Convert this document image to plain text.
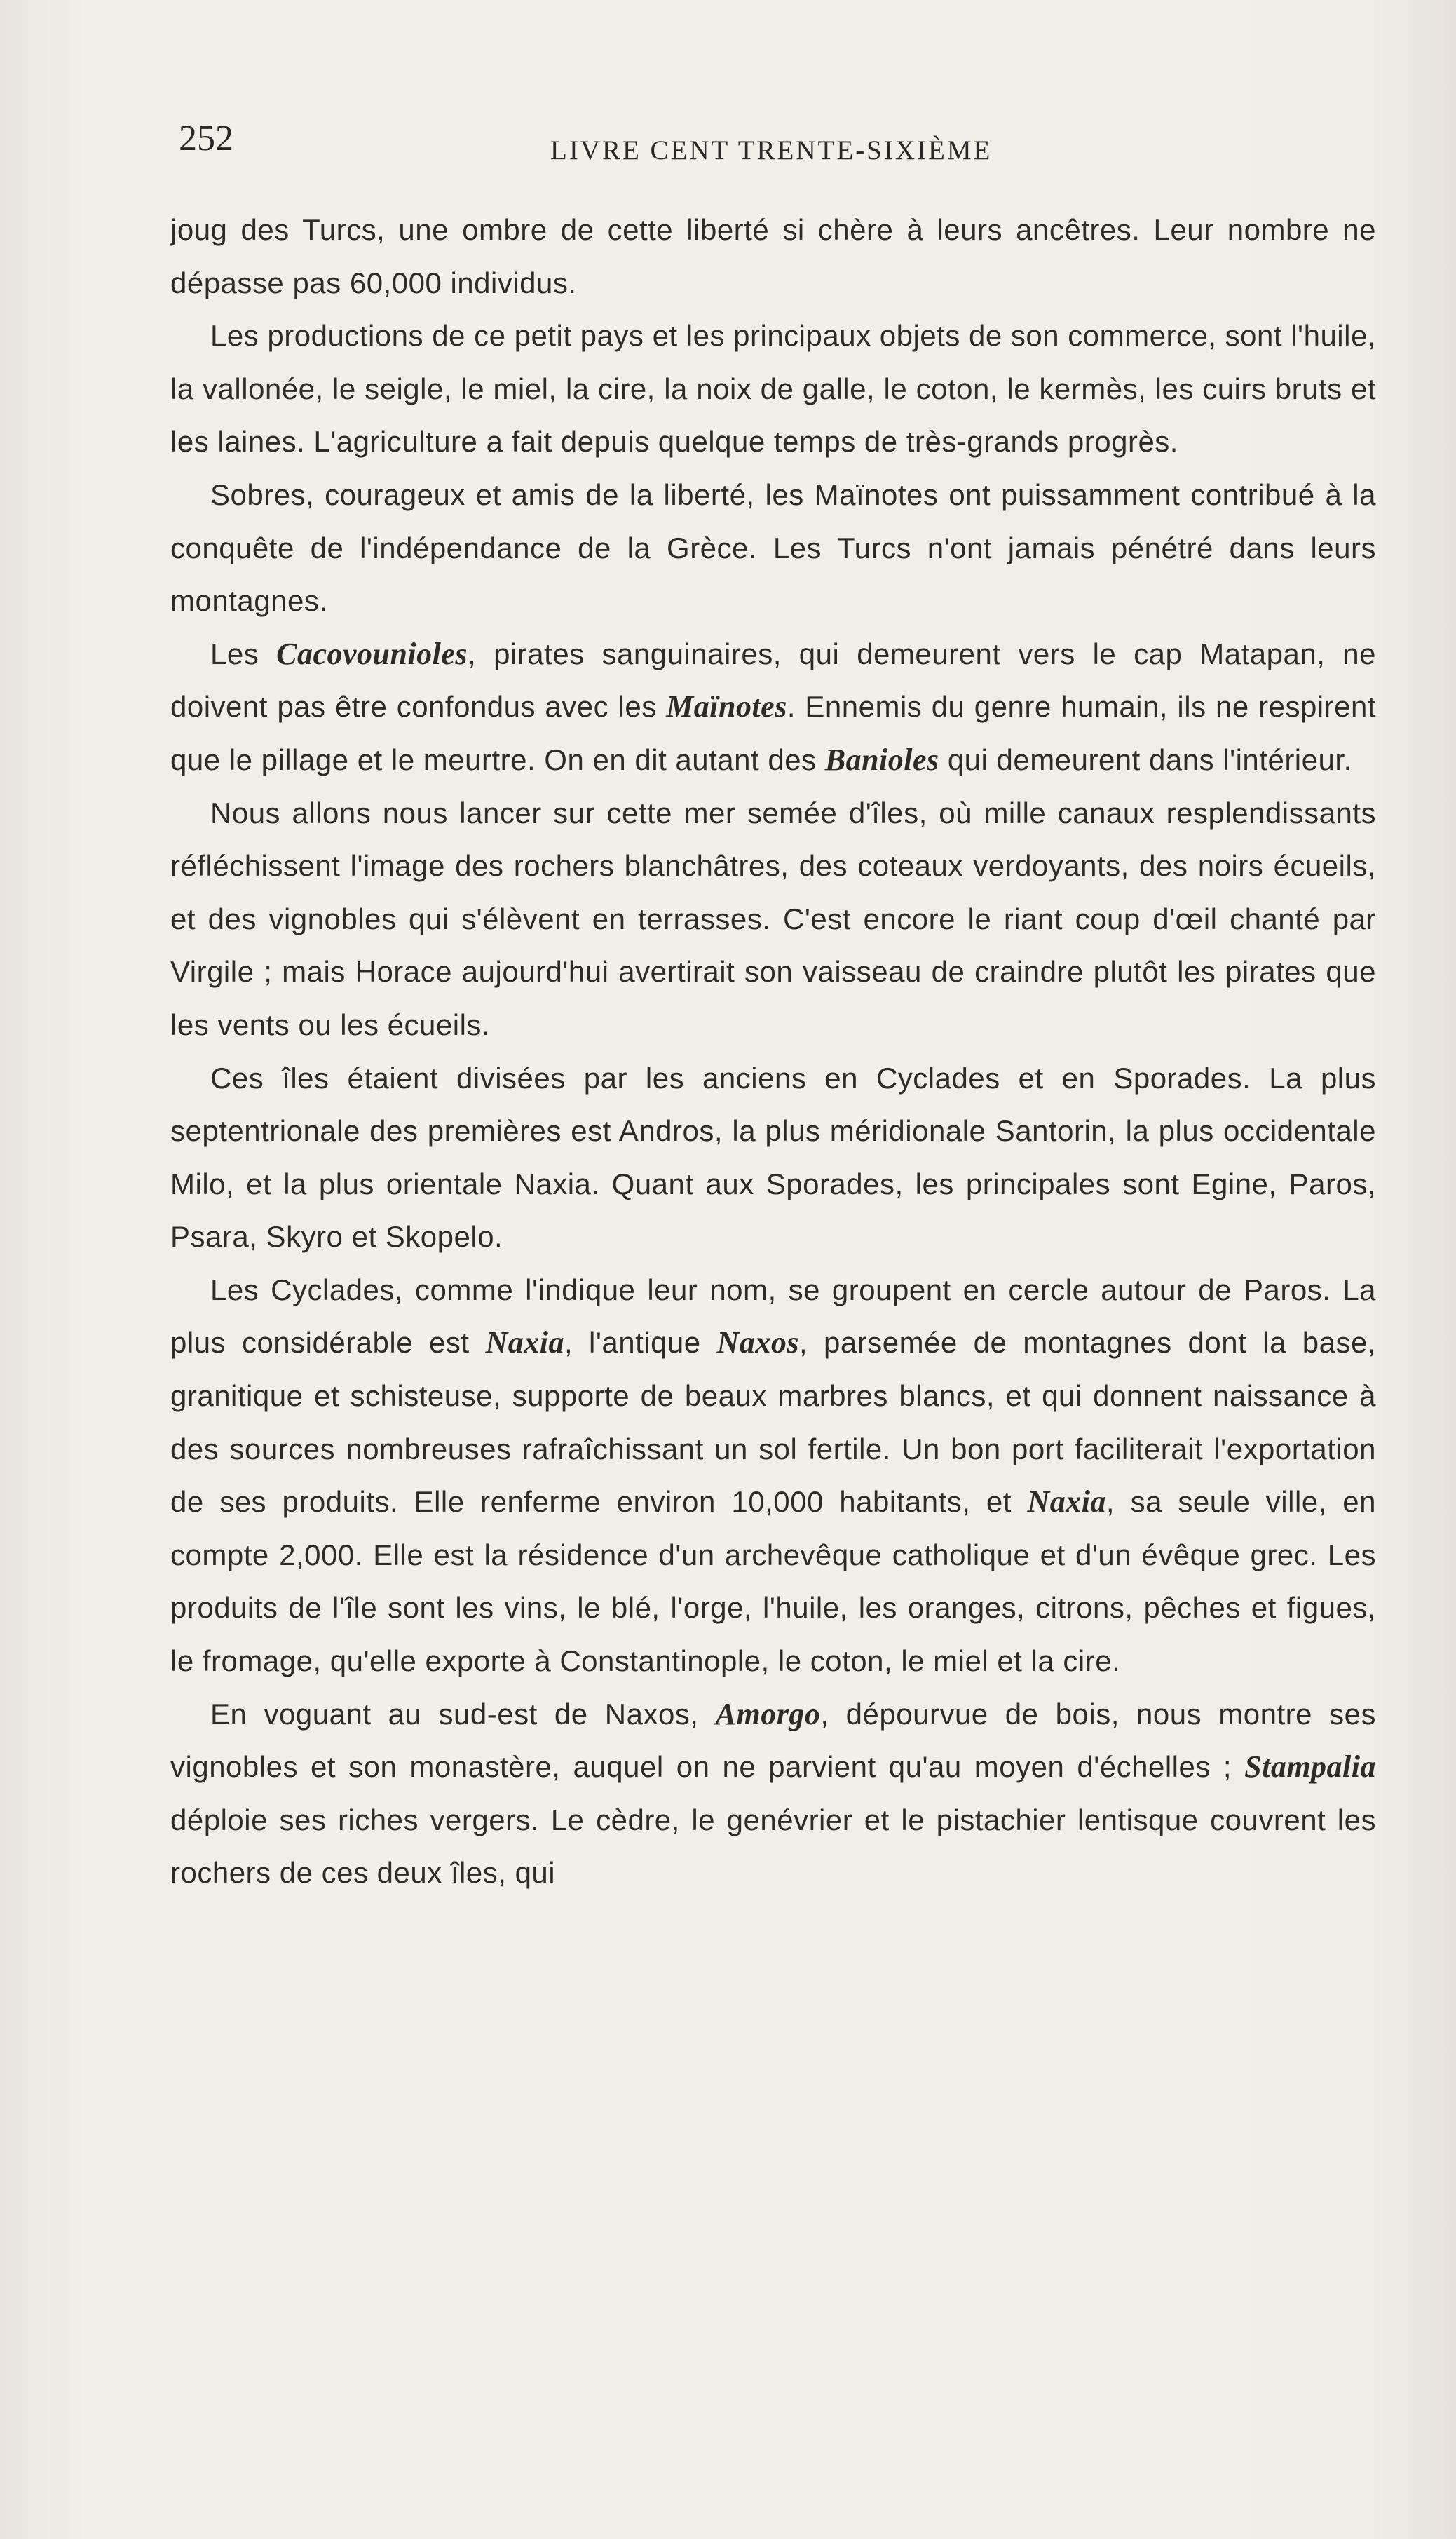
252	LIVRE CENT TRENTE-SIXIÈME

joug des Turcs, une ombre de cette liberté si chère à leurs ancêtres. Leur nombre ne dépasse pas 60,000 individus.

Les productions de ce petit pays et les principaux objets de son commerce, sont l'huile, la vallonée, le seigle, le miel, la cire, la noix de galle, le coton, le kermès, les cuirs bruts et les laines. L'agriculture a fait depuis quelque temps de très-grands progrès.

Sobres, courageux et amis de la liberté, les Maïnotes ont puissamment contribué à la conquête de l'indépendance de la Grèce. Les Turcs n'ont jamais pénétré dans leurs montagnes.

Les Cacovounioles, pirates sanguinaires, qui demeurent vers le cap Matapan, ne doivent pas être confondus avec les Maïnotes. Ennemis du genre humain, ils ne respirent que le pillage et le meurtre. On en dit autant des Banioles qui demeurent dans l'intérieur.

Nous allons nous lancer sur cette mer semée d'îles, où mille canaux resplendissants réfléchissent l'image des rochers blanchâtres, des coteaux verdoyants, des noirs écueils, et des vignobles qui s'élèvent en terrasses. C'est encore le riant coup d'œil chanté par Virgile ; mais Horace aujourd'hui avertirait son vaisseau de craindre plutôt les pirates que les vents ou les écueils.

Ces îles étaient divisées par les anciens en Cyclades et en Sporades. La plus septentrionale des premières est Andros, la plus méridionale Santorin, la plus occidentale Milo, et la plus orientale Naxia. Quant aux Sporades, les principales sont Egine, Paros, Psara, Skyro et Skopelo.

Les Cyclades, comme l'indique leur nom, se groupent en cercle autour de Paros. La plus considérable est Naxia, l'antique Naxos, parsemée de montagnes dont la base, granitique et schisteuse, supporte de beaux marbres blancs, et qui donnent naissance à des sources nombreuses rafraîchissant un sol fertile. Un bon port faciliterait l'exportation de ses produits. Elle renferme environ 10,000 habitants, et Naxia, sa seule ville, en compte 2,000. Elle est la résidence d'un archevêque catholique et d'un évêque grec. Les produits de l'île sont les vins, le blé, l'orge, l'huile, les oranges, citrons, pêches et figues, le fromage, qu'elle exporte à Constantinople, le coton, le miel et la cire.

En voguant au sud-est de Naxos, Amorgo, dépourvue de bois, nous montre ses vignobles et son monastère, auquel on ne parvient qu'au moyen d'échelles ; Stampalia déploie ses riches vergers. Le cèdre, le genévrier et le pistachier lentisque couvrent les rochers de ces deux îles, qui
